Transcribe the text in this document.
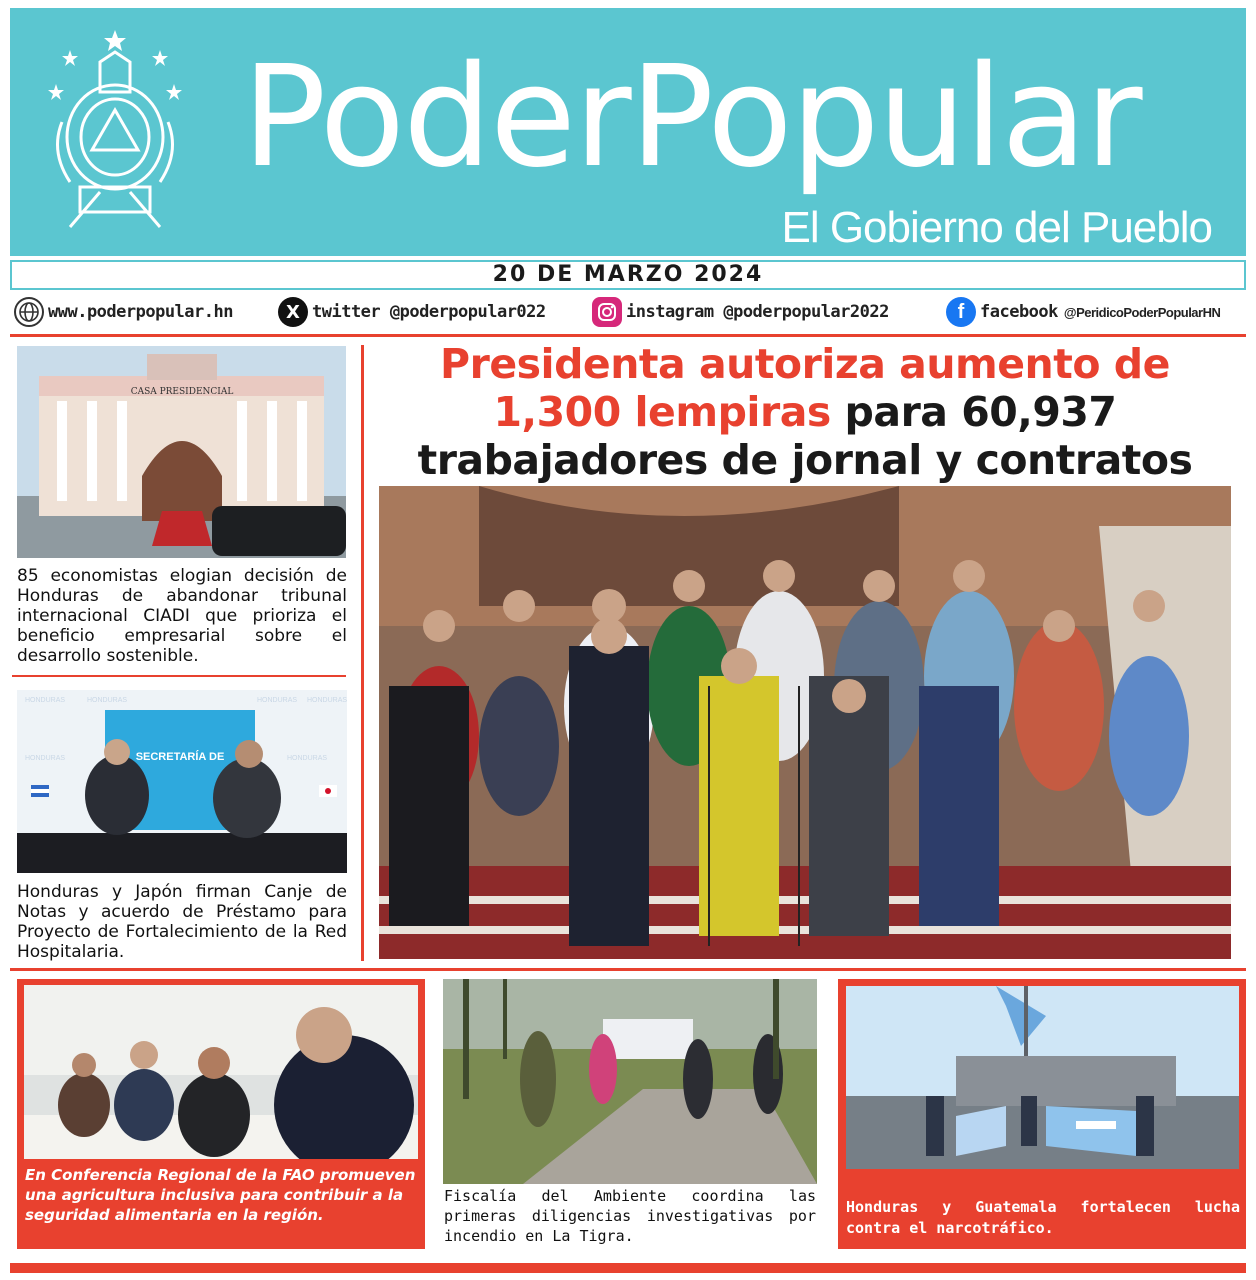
PoderPopular
El Gobierno del Pueblo
20 DE MARZO 2024
www.poderpopular.hn	X twitter @poderpopular022	instagram @poderpopular2022	f facebook @PeridicoPoderPopularHN
CASA PRESIDENCIAL
85 economistas elogian decisión de Honduras de abandonar tribunal internacional CIADI que prioriza el beneficio empresarial sobre el desarrollo sostenible.
HONDURAS	HONDURAS	HONDURAS HONDURAS
HONDURAS	HONDURAS
SECRETARÍA DE
Honduras y Japón firman Canje de Notas y acuerdo de Préstamo para Proyecto de Fortalecimiento de la Red Hospitalaria.
Presidenta autoriza aumento de 1,300 lempiras para 60,937 trabajadores de jornal y contratos
En Conferencia Regional de la FAO promueven una agricultura inclusiva para contribuir a la seguridad alimentaria en la región.
Fiscalía del Ambiente coordina las primeras diligencias investigativas por incendio en La Tigra.
Honduras y Guatemala fortalecen lucha contra el narcotráfico.
